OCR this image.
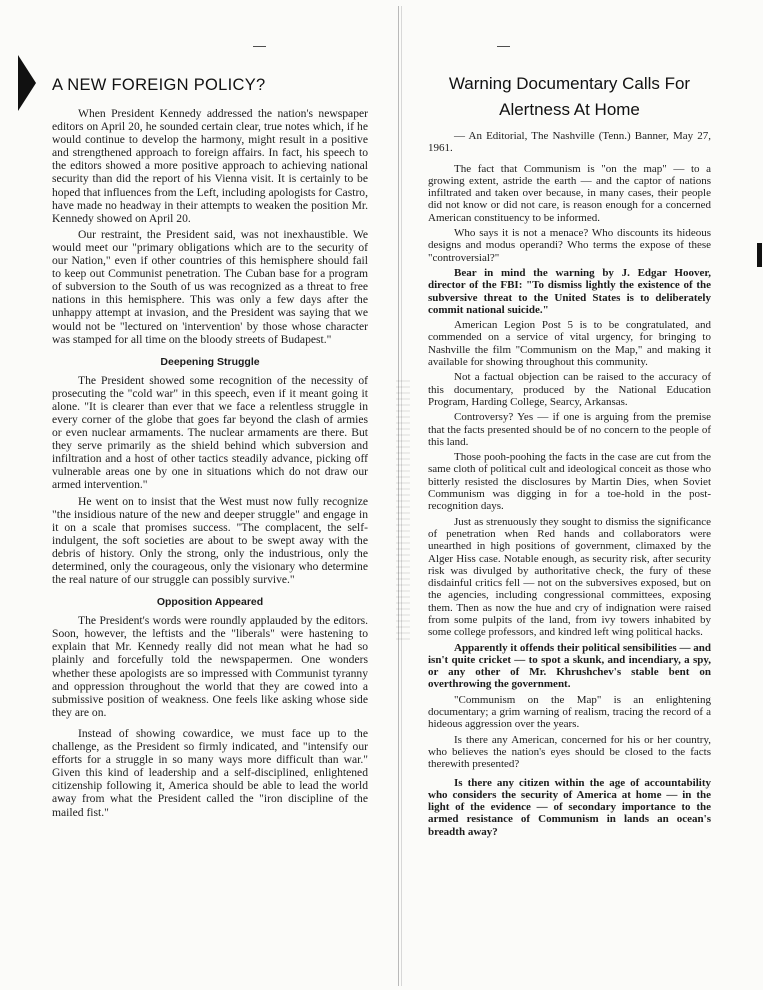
—	—
A NEW FOREIGN POLICY?

When President Kennedy addressed the nation's newspaper editors on April 20, he sounded certain clear, true notes which, if he would continue to develop the harmony, might result in a positive and strengthened approach to foreign affairs. In fact, his speech to the editors showed a more positive approach to achieving national security than did the report of his Vienna visit. It is certainly to be hoped that influences from the Left, including apologists for Castro, have made no headway in their attempts to weaken the position Mr. Kennedy showed on April 20.

Our restraint, the President said, was not inexhaustible. We would meet our "primary obligations which are to the security of our Nation," even if other countries of this hemisphere should fail to keep out Communist penetration. The Cuban base for a program of subversion to the South of us was recognized as a threat to free nations in this hemisphere. This was only a few days after the unhappy attempt at invasion, and the President was saying that we would not be "lectured on 'intervention' by those whose character was stamped for all time on the bloody streets of Budapest."

Deepening Struggle

The President showed some recognition of the necessity of prosecuting the "cold war" in this speech, even if it meant going it alone. "It is clearer than ever that we face a relentless struggle in every corner of the globe that goes far beyond the clash of armies or even nuclear armaments. The nuclear armaments are there. But they serve primarily as the shield behind which subversion and infiltration and a host of other tactics steadily advance, picking off vulnerable areas one by one in situations which do not draw our armed intervention."

He went on to insist that the West must now fully recognize "the insidious nature of the new and deeper struggle" and engage in it on a scale that promises success. "The complacent, the self-indulgent, the soft societies are about to be swept away with the debris of history. Only the strong, only the industrious, only the determined, only the courageous, only the visionary who determine the real nature of our struggle can possibly survive."

Opposition Appeared

The President's words were roundly applauded by the editors. Soon, however, the leftists and the "liberals" were hastening to explain that Mr. Kennedy really did not mean what he had so plainly and forcefully told the newspapermen. One wonders whether these apologists are so impressed with Communist tyranny and oppression throughout the world that they are cowed into a submissive position of weakness. One feels like asking whose side they are on.

Instead of showing cowardice, we must face up to the challenge, as the President so firmly indicated, and "intensify our efforts for a struggle in so many ways more difficult than war." Given this kind of leadership and a self-disciplined, enlightened citizenship following it, America should be able to lead the world away from what the President called the "iron discipline of the mailed fist."

Warning Documentary Calls For
Alertness At Home

— An Editorial, The Nashville (Tenn.) Banner, May 27, 1961.

The fact that Communism is "on the map" — to a growing extent, astride the earth — and the captor of nations infiltrated and taken over because, in many cases, their people did not know or did not care, is reason enough for a concerned American constituency to be informed.

Who says it is not a menace? Who discounts its hideous designs and modus operandi? Who terms the expose of these "controversial?"

Bear in mind the warning by J. Edgar Hoover, director of the FBI: "To dismiss lightly the existence of the subversive threat to the United States is to deliberately commit national suicide."

American Legion Post 5 is to be congratulated, and commended on a service of vital urgency, for bringing to Nashville the film "Communism on the Map," and making it available for showing throughout this community.

Not a factual objection can be raised to the accuracy of this documentary, produced by the National Education Program, Harding College, Searcy, Arkansas.

Controversy? Yes — if one is arguing from the premise that the facts presented should be of no concern to the people of this land.

Those pooh-poohing the facts in the case are cut from the same cloth of political cult and ideological conceit as those who bitterly resisted the disclosures by Martin Dies, when Soviet Communism was digging in for a toe-hold in the post-recognition days.

Just as strenuously they sought to dismiss the significance of penetration when Red hands and collaborators were unearthed in high positions of government, climaxed by the Alger Hiss case. Notable enough, as security risk, after security risk was divulged by authoritative check, the fury of these disdainful critics fell — not on the subversives exposed, but on the agencies, including congressional committees, exposing them. Then as now the hue and cry of indignation were raised from some pulpits of the land, from ivy towers inhabited by some college professors, and kindred left wing political hacks.

Apparently it offends their political sensibilities — and isn't quite cricket — to spot a skunk, and incendiary, a spy, or any other of Mr. Khrushchev's stable bent on overthrowing the government.

"Communism on the Map" is an enlightening documentary; a grim warning of realism, tracing the record of a hideous aggression over the years.

Is there any American, concerned for his or her country, who believes the nation's eyes should be closed to the facts therewith presented?

Is there any citizen within the age of accountability who considers the security of America at home — in the light of the evidence — of secondary importance to the armed resistance of Communism in lands an ocean's breadth away?
